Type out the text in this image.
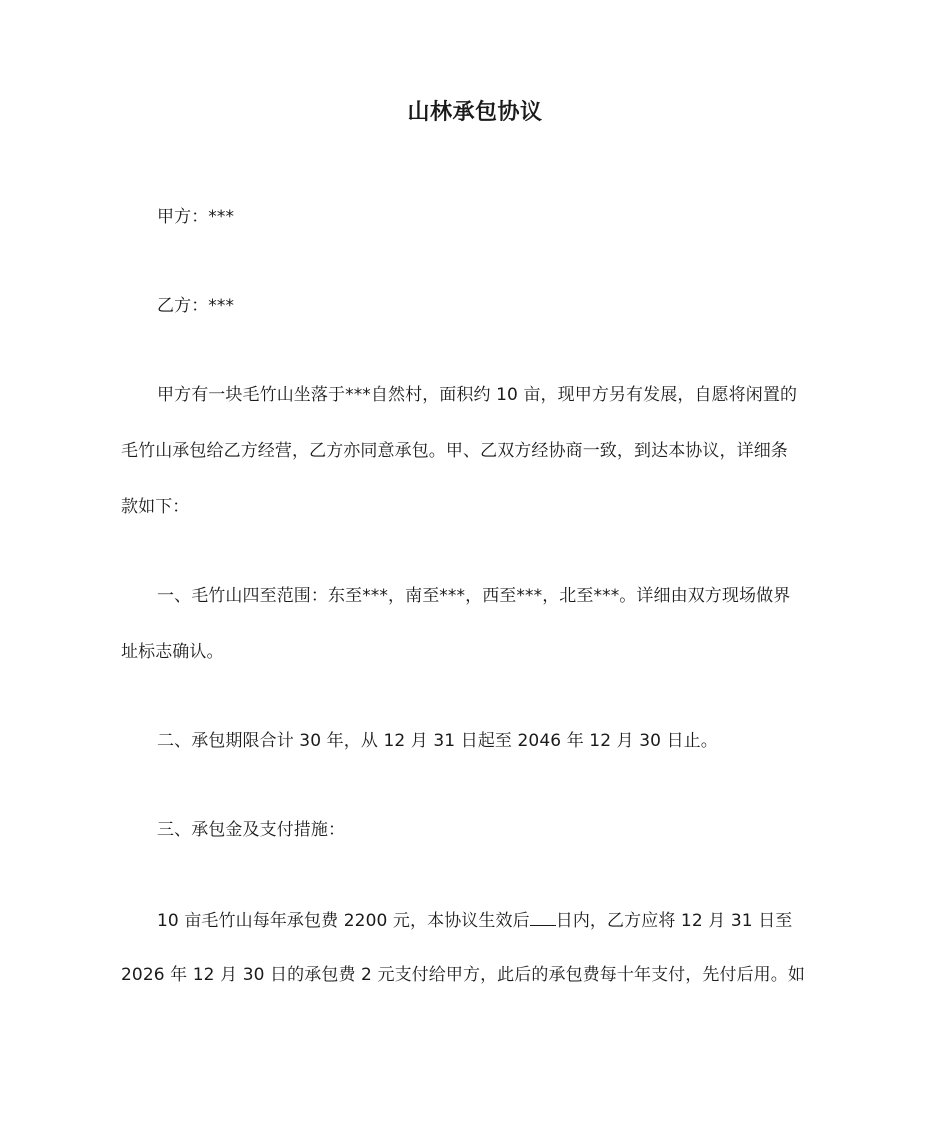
山林承包协议
甲方：***
乙方：***
甲方有一块毛竹山坐落于***自然村，面积约 10 亩，现甲方另有发展，自愿将闲置的
毛竹山承包给乙方经营，乙方亦同意承包。甲、乙双方经协商一致，到达本协议，详细条
款如下：
一、毛竹山四至范围：东至***，南至***，西至***，北至***。详细由双方现场做界
址标志确认。
二、承包期限合计 30 年，从 12 月 31 日起至 2046 年 12 月 30 日止。
三、承包金及支付措施：
10 亩毛竹山每年承包费 2200 元，本协议生效后 日内，乙方应将 12 月 31 日至
2026 年 12 月 30 日的承包费 2 元支付给甲方，此后的承包费每十年支付，先付后用。如
